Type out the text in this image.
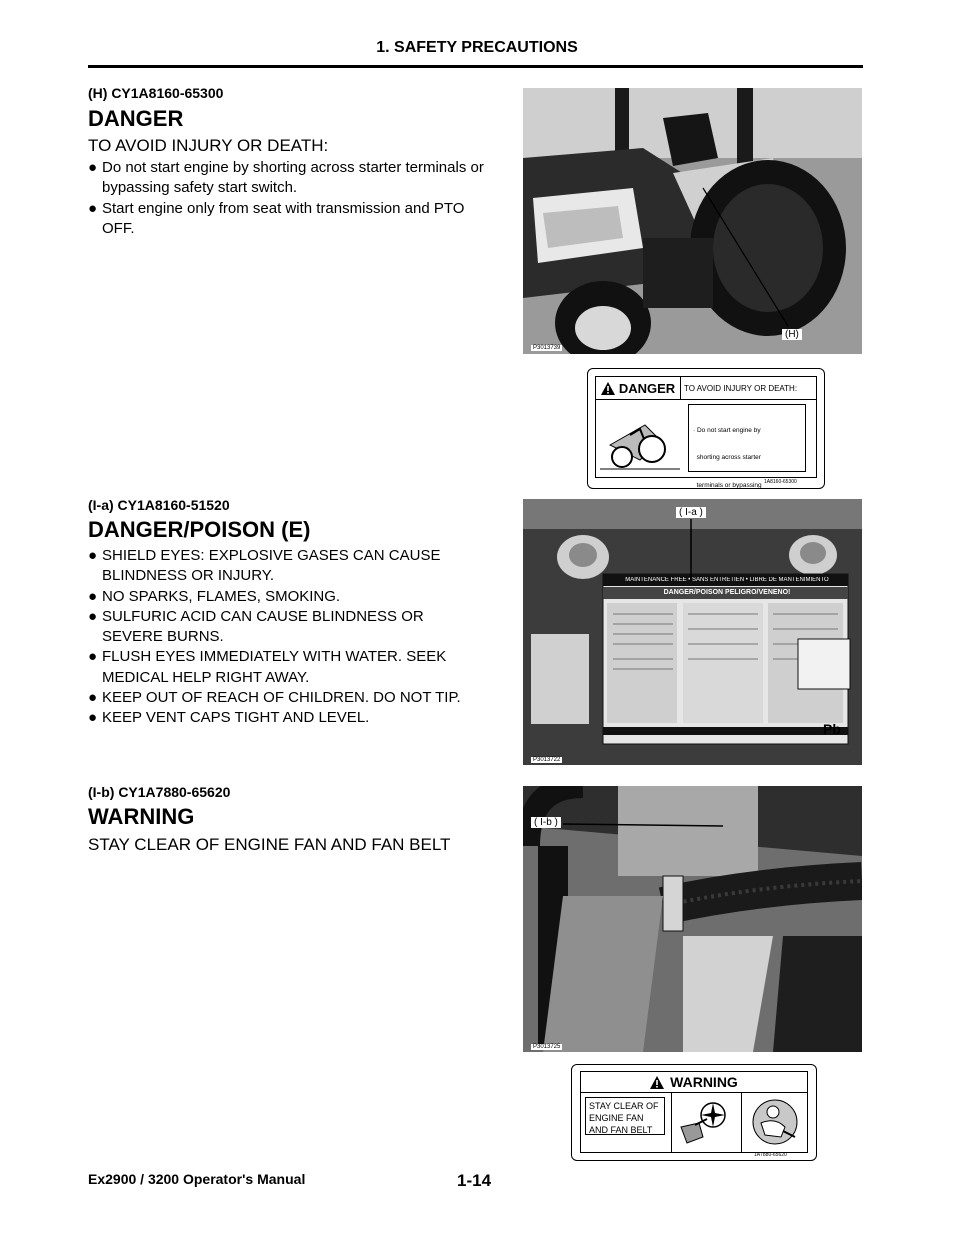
1. SAFETY PRECAUTIONS
(H) CY1A8160-65300
DANGER
TO AVOID INJURY OR DEATH:
● Do not start engine by shorting across starter terminals or bypassing safety start switch.
● Start engine only from seat with transmission and PTO OFF.
(H)
P3013739
DANGER TO AVOID INJURY OR DEATH:

· Do not start engine by

shorting across starter

terminals or bypassing

1A8160-65300
(I-a) CY1A8160-51520
DANGER/POISON (E)
● SHIELD EYES: EXPLOSIVE GASES CAN CAUSE BLINDNESS OR INJURY.
● NO SPARKS, FLAMES, SMOKING.
● SULFURIC ACID CAN CAUSE BLINDNESS OR SEVERE BURNS.
● FLUSH EYES IMMEDIATELY WITH WATER. SEEK MEDICAL HELP RIGHT AWAY.
● KEEP OUT OF REACH OF CHILDREN. DO NOT TIP.
● KEEP VENT CAPS TIGHT AND LEVEL.
MAINTENANCE FREE • SANS ENTRETIEN • LIBRE DE MANTENIMIENTO
DANGER/POISON PELIGRO/VENENO!
Pb
( I-a )
P3013722
(I-b) CY1A7880-65620
WARNING
STAY CLEAR OF ENGINE FAN AND FAN BELT
( I-b )
P3013725
WARNING
STAY CLEAR OF
ENGINE FAN
AND FAN BELT
1A7880-65620
Ex2900 / 3200 Operator's Manual	1-14
